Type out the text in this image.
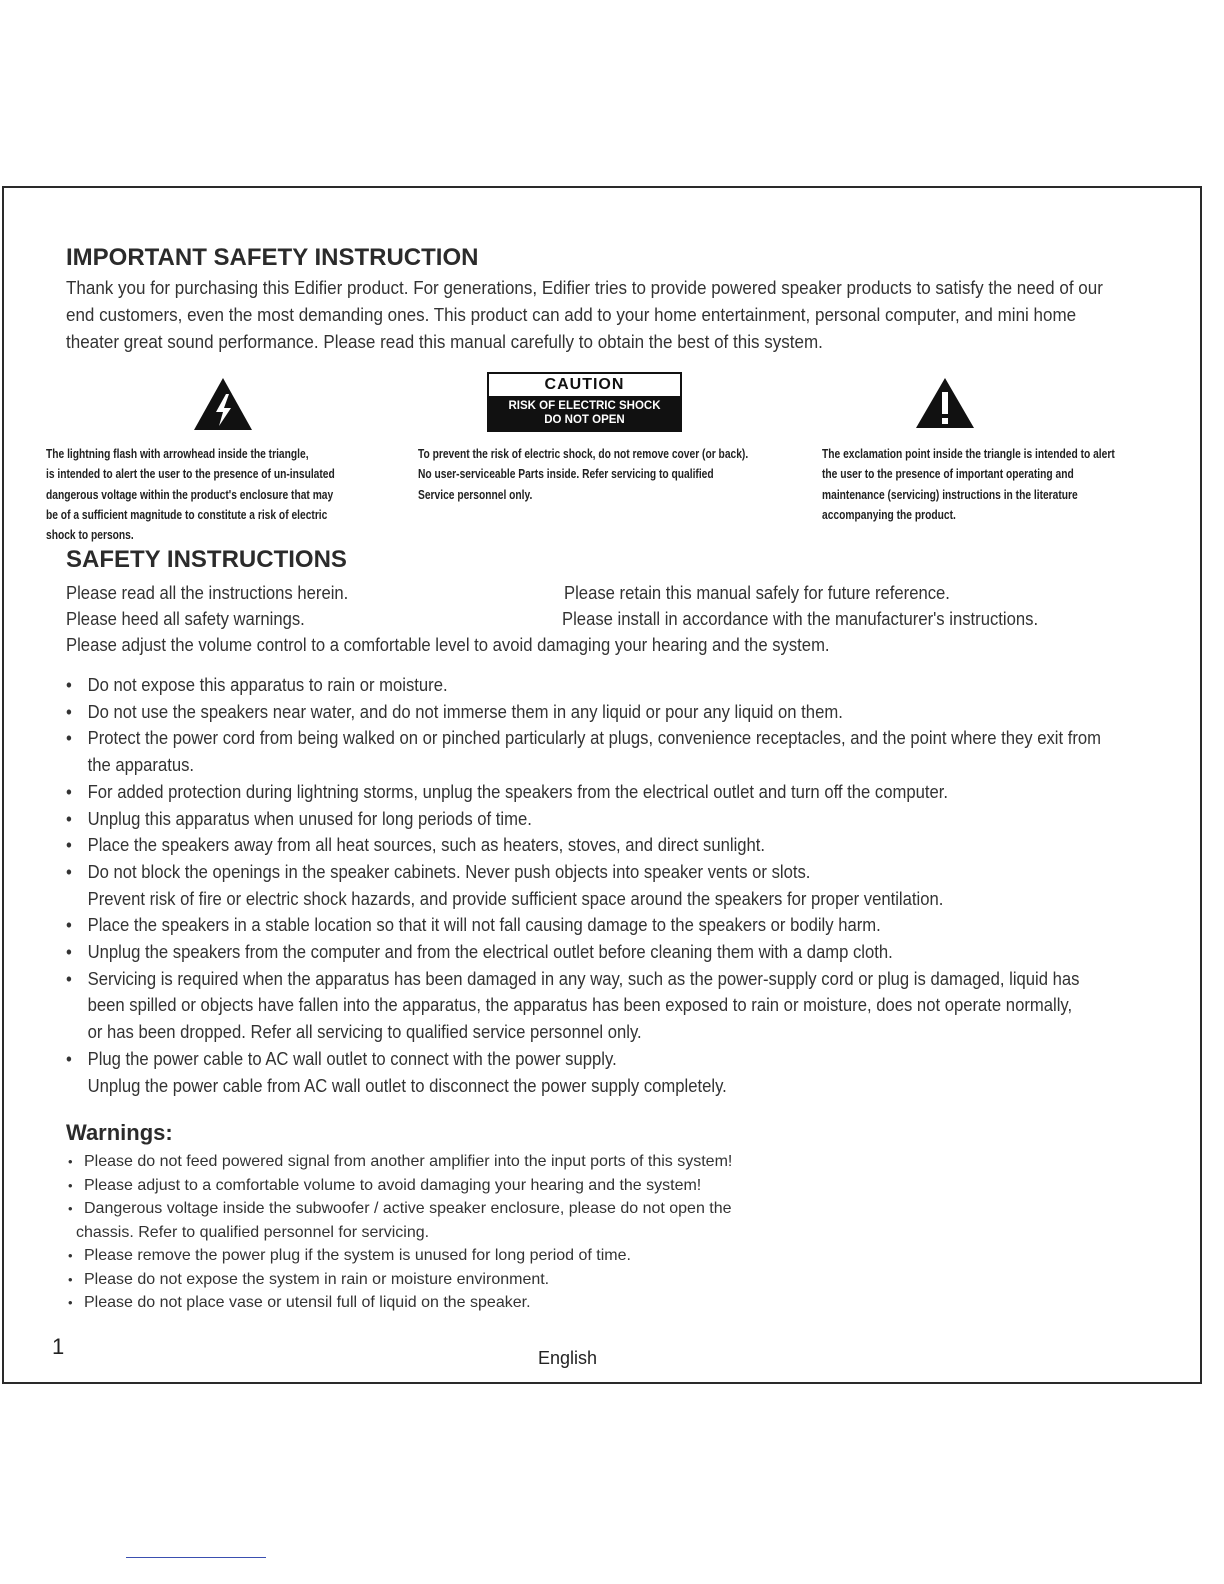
IMPORTANT SAFETY INSTRUCTION
Thank you for purchasing this Edifier product. For generations, Edifier tries to provide powered speaker products to satisfy the need of our
end customers, even the most demanding ones. This product can add to your home entertainment, personal computer, and mini home
theater great sound performance. Please read this manual carefully to obtain the best of this system.
CAUTION
RISK OF ELECTRIC SHOCK
DO NOT OPEN
The lightning flash with arrowhead inside the triangle,
is intended to alert the user to the presence of un-insulated
dangerous voltage within the product's enclosure that may
be of a sufficient magnitude to constitute a risk of electric
shock to persons.
To prevent the risk of electric shock, do not remove cover (or back).
No user-serviceable Parts inside. Refer servicing to qualified
Service personnel only.
The exclamation point inside the triangle is intended to alert
the user to the presence of important operating and
maintenance (servicing) instructions in the literature
accompanying the product.
SAFETY INSTRUCTIONS
Please read all the instructions herein.	Please retain this manual safely for future reference.
Please heed all safety warnings.	Please install in accordance with the manufacturer's instructions.
Please adjust the volume control to a comfortable level to avoid damaging your hearing and the system.
• Do not expose this apparatus to rain or moisture.
• Do not use the speakers near water, and do not immerse them in any liquid or pour any liquid on them.
• Protect the power cord from being walked on or pinched particularly at plugs, convenience receptacles, and the point where they exit from
the apparatus.
• For added protection during lightning storms, unplug the speakers from the electrical outlet and turn off the computer.
• Unplug this apparatus when unused for long periods of time.
• Place the speakers away from all heat sources, such as heaters, stoves, and direct sunlight.
• Do not block the openings in the speaker cabinets. Never push objects into speaker vents or slots.
Prevent risk of fire or electric shock hazards, and provide sufficient space around the speakers for proper ventilation.
• Place the speakers in a stable location so that it will not fall causing damage to the speakers or bodily harm.
• Unplug the speakers from the computer and from the electrical outlet before cleaning them with a damp cloth.
• Servicing is required when the apparatus has been damaged in any way, such as the power-supply cord or plug is damaged, liquid has
been spilled or objects have fallen into the apparatus, the apparatus has been exposed to rain or moisture, does not operate normally,
or has been dropped. Refer all servicing to qualified service personnel only.
• Plug the power cable to AC wall outlet to connect with the power supply.
Unplug the power cable from AC wall outlet to disconnect the power supply completely.
Warnings:
• Please do not feed powered signal from another amplifier into the input ports of this system!
• Please adjust to a comfortable volume to avoid damaging your hearing and the system!
• Dangerous voltage inside the subwoofer / active speaker enclosure, please do not open the
chassis. Refer to qualified personnel for servicing.
• Please remove the power plug if the system is unused for long period of time.
• Please do not expose the system in rain or moisture environment.
• Please do not place vase or utensil full of liquid on the speaker.
1	English
